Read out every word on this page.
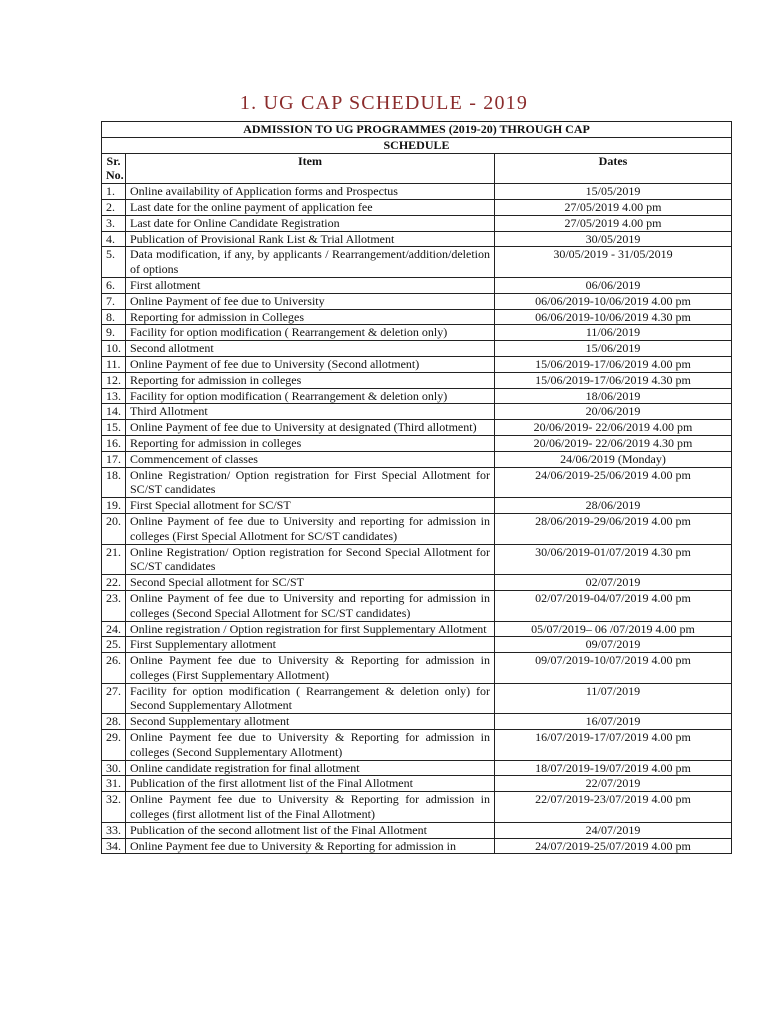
1. UG CAP SCHEDULE - 2019
ADMISSION TO UG PROGRAMMES (2019-20) THROUGH CAP		
SCHEDULE		
Sr. No.	Item	Dates
1.	Online availability of Application forms and Prospectus	15/05/2019
2.	Last date for the online payment of application fee	27/05/2019 4.00 pm
3.	Last date for Online Candidate Registration	27/05/2019 4.00 pm
4.	Publication of Provisional Rank List & Trial Allotment	30/05/2019
5.	Data modification, if any, by applicants / Rearrangement/addition/deletion of options	30/05/2019 - 31/05/2019
6.	First allotment	06/06/2019
7.	Online Payment of fee due to University	06/06/2019-10/06/2019 4.00 pm
8.	Reporting for admission in Colleges	06/06/2019-10/06/2019 4.30 pm
9.	Facility for option modification ( Rearrangement & deletion only)	11/06/2019
10.	Second allotment	15/06/2019
11.	Online Payment of fee due to University (Second allotment)	15/06/2019-17/06/2019 4.00 pm
12.	Reporting for admission in colleges	15/06/2019-17/06/2019 4.30 pm
13.	Facility for option modification ( Rearrangement & deletion only)	18/06/2019
14.	Third Allotment	20/06/2019
15.	Online Payment of fee due to University at designated (Third allotment)	20/06/2019- 22/06/2019 4.00 pm
16.	Reporting for admission in colleges	20/06/2019- 22/06/2019 4.30 pm
17.	Commencement of classes	24/06/2019 (Monday)
18.	Online Registration/ Option registration for First Special Allotment for SC/ST candidates	24/06/2019-25/06/2019 4.00 pm
19.	First Special allotment for SC/ST	28/06/2019
20.	Online Payment of fee due to University and reporting for admission in colleges (First Special Allotment for SC/ST candidates)	28/06/2019-29/06/2019 4.00 pm
21.	Online Registration/ Option registration for Second Special Allotment for SC/ST candidates	30/06/2019-01/07/2019 4.30 pm
22.	Second Special allotment for SC/ST	02/07/2019
23.	Online Payment of fee due to University and reporting for admission in colleges (Second Special Allotment for SC/ST candidates)	02/07/2019-04/07/2019 4.00 pm
24.	Online registration / Option registration for first Supplementary Allotment	05/07/2019– 06 /07/2019 4.00 pm
25.	First Supplementary allotment	09/07/2019
26.	Online Payment fee due to University & Reporting for admission in colleges (First Supplementary Allotment)	09/07/2019-10/07/2019 4.00 pm
27.	Facility for option modification ( Rearrangement & deletion only) for Second Supplementary Allotment	11/07/2019
28.	Second Supplementary allotment	16/07/2019
29.	Online Payment fee due to University & Reporting for admission in colleges (Second Supplementary Allotment)	16/07/2019-17/07/2019 4.00 pm
30.	Online candidate registration for final allotment	18/07/2019-19/07/2019 4.00 pm
31.	Publication of the first allotment list of the Final Allotment	22/07/2019
32.	Online Payment fee due to University & Reporting for admission in colleges (first allotment list of the Final Allotment)	22/07/2019-23/07/2019 4.00 pm
33.	Publication of the second allotment list of the Final Allotment	24/07/2019
34.	Online Payment fee due to University & Reporting for admission in	24/07/2019-25/07/2019 4.00 pm
